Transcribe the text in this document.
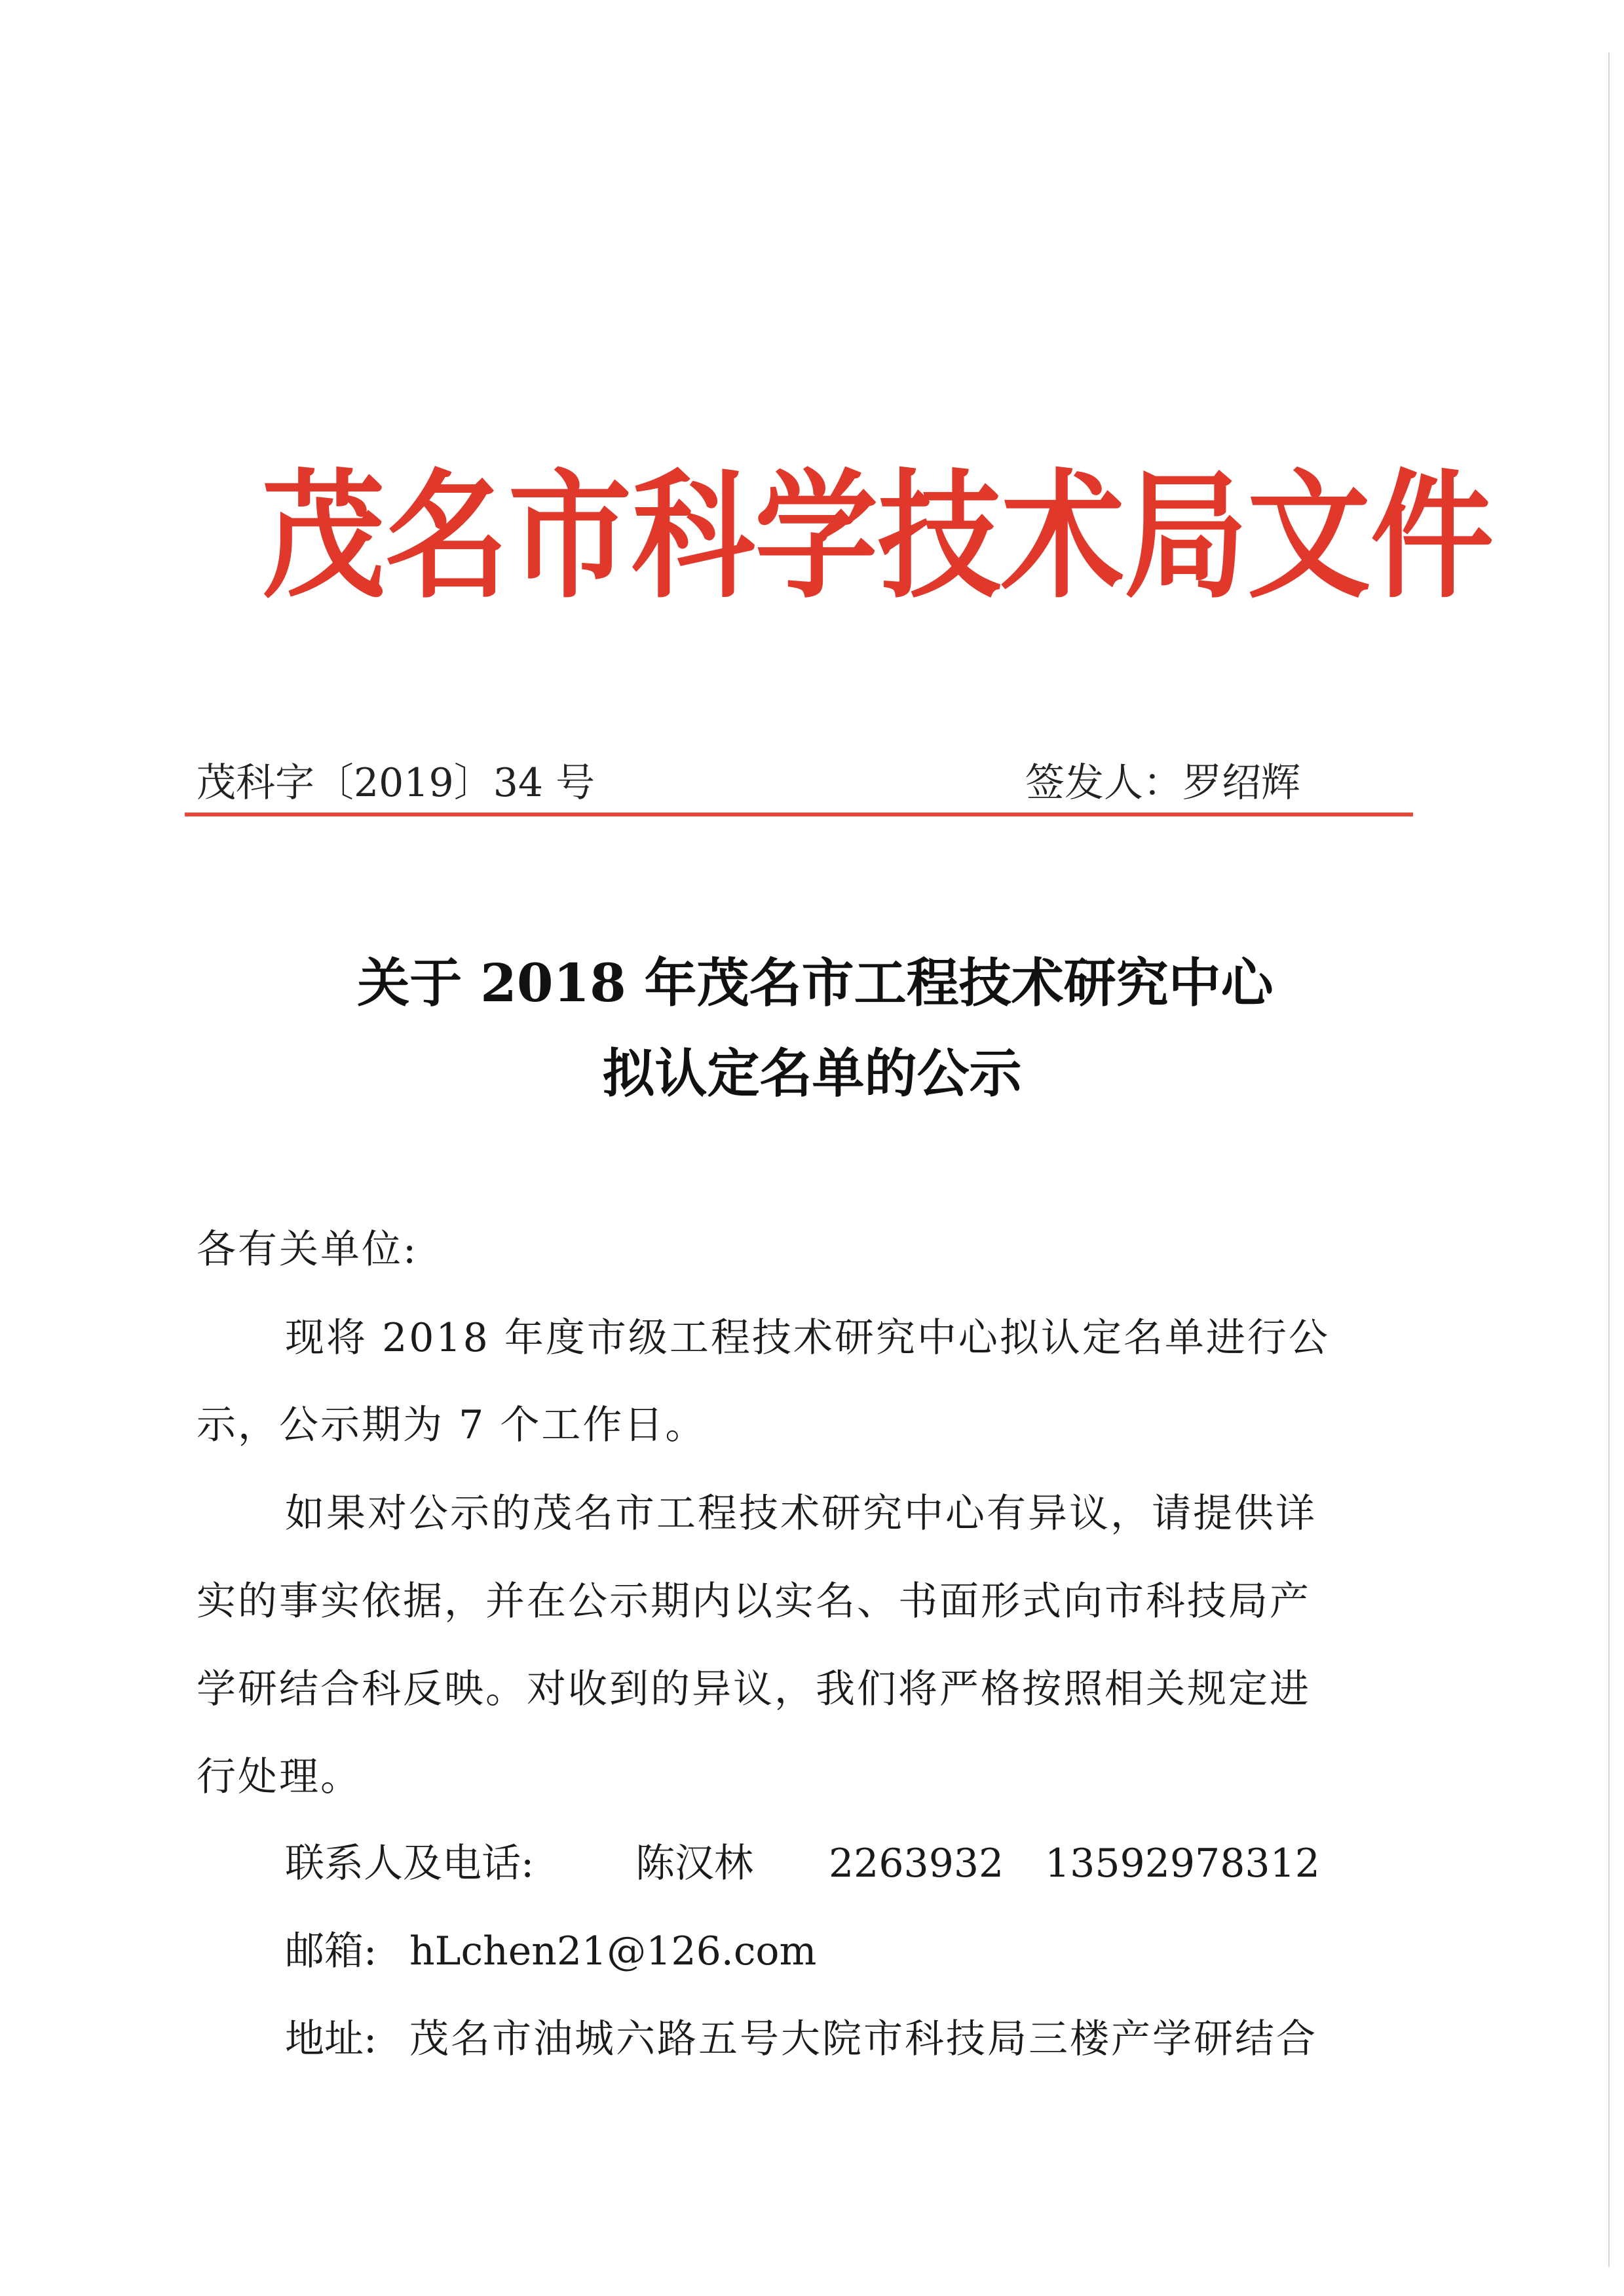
茂 名 市 科 学 技 术 局 文 件
茂科字〔2019〕34 号	签发人：罗绍辉
关于 2018 年茂名市工程技术研究中心
拟认定名单的公示
各有关单位:
现将 2018 年度市级工程技术研究中心拟认定名单进行公
示，公示期为 7 个工作日。
如果对公示的茂名市工程技术研究中心有异议，请提供详
实的事实依据，并在公示期内以实名、书面形式向市科技局产
学研结合科反映。对收到的异议，我们将严格按照相关规定进
行处理。
联系人及电话:	陈汉林 2263932 13592978312
邮箱: hLchen21@126.com
地址: 茂名市油城六路五号大院市科技局三楼产学研结合
